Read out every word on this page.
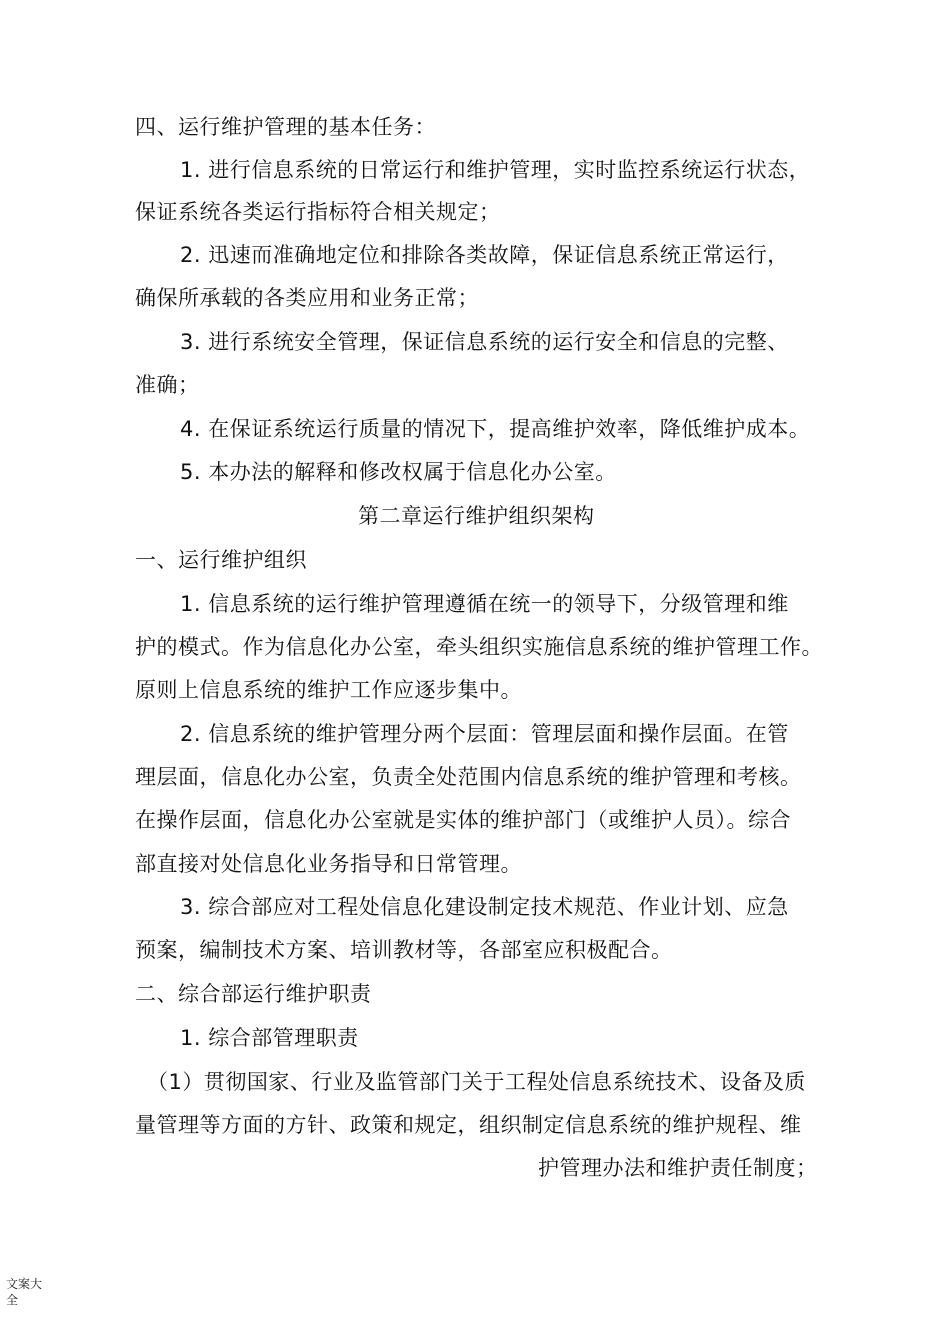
四、运行维护管理的基本任务：
1. 进行信息系统的日常运行和维护管理，实时监控系统运行状态，
保证系统各类运行指标符合相关规定；
2. 迅速而准确地定位和排除各类故障，保证信息系统正常运行，
确保所承载的各类应用和业务正常；
3. 进行系统安全管理，保证信息系统的运行安全和信息的完整、
准确；
4. 在保证系统运行质量的情况下，提高维护效率，降低维护成本。
5. 本办法的解释和修改权属于信息化办公室。
第二章运行维护组织架构
一、运行维护组织
1. 信息系统的运行维护管理遵循在统一的领导下，分级管理和维
护的模式。作为信息化办公室，牵头组织实施信息系统的维护管理工作。
原则上信息系统的维护工作应逐步集中。
2. 信息系统的维护管理分两个层面：管理层面和操作层面。在管
理层面，信息化办公室，负责全处范围内信息系统的维护管理和考核。
在操作层面，信息化办公室就是实体的维护部门（或维护人员）。综合
部直接对处信息化业务指导和日常管理。
3. 综合部应对工程处信息化建设制定技术规范、作业计划、应急
预案，编制技术方案、培训教材等，各部室应积极配合。
二、综合部运行维护职责
1. 综合部管理职责
（1）贯彻国家、行业及监管部门关于工程处信息系统技术、设备及质
量管理等方面的方针、政策和规定，组织制定信息系统的维护规程、维
护管理办法和维护责任制度；
文案大全
